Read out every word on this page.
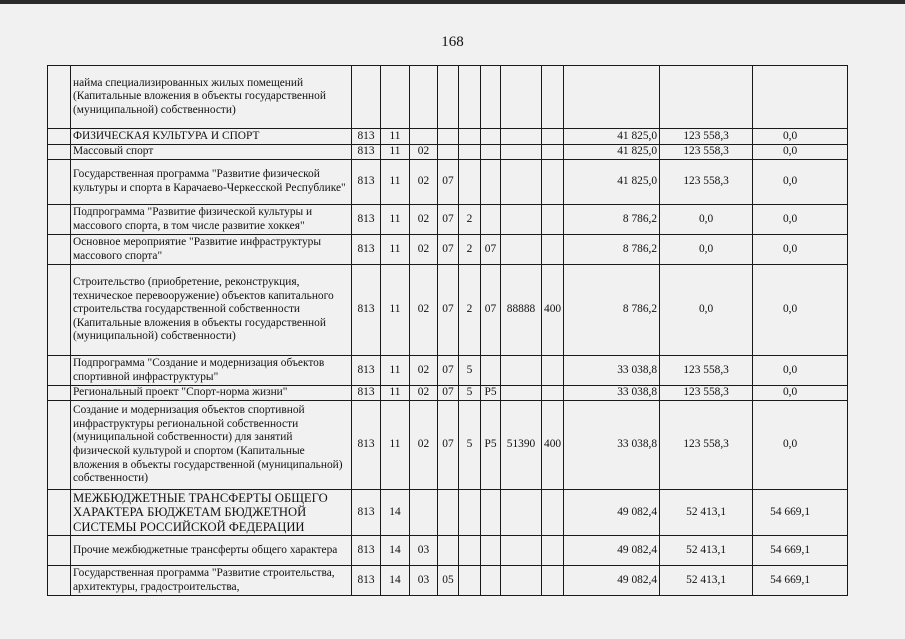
168
	найма специализированных жилых помещений (Капитальные вложения в объекты государственной (муниципальной) собственности)											
	ФИЗИЧЕСКАЯ КУЛЬТУРА И СПОРТ	813	11							41 825,0	123 558,3	0,0
	Массовый спорт	813	11	02						41 825,0	123 558,3	0,0
	Государственная программа "Развитие физической культуры и спорта в Карачаево-Черкесской Республике"	813	11	02	07					41 825,0	123 558,3	0,0
	Подпрограмма "Развитие физической культуры и массового спорта, в том числе развитие хоккея"	813	11	02	07	2				8 786,2	0,0	0,0
	Основное мероприятие "Развитие инфраструктуры массового спорта"	813	11	02	07	2	07			8 786,2	0,0	0,0
	Строительство (приобретение, реконструкция, техническое перевооружение) объектов капитального строительства государственной собственности (Капитальные вложения в объекты государственной (муниципальной) собственности)	813	11	02	07	2	07	88888	400	8 786,2	0,0	0,0
	Подпрограмма "Создание и модернизация объектов спортивной инфраструктуры"	813	11	02	07	5				33 038,8	123 558,3	0,0
	Региональный проект "Спорт-норма жизни"	813	11	02	07	5	P5			33 038,8	123 558,3	0,0
	Создание и модернизация объектов спортивной инфраструктуры региональной собственности (муниципальной собственности) для занятий физической культурой и спортом (Капитальные вложения в объекты государственной (муниципальной) собственности)	813	11	02	07	5	P5	51390	400	33 038,8	123 558,3	0,0
	МЕЖБЮДЖЕТНЫЕ ТРАНСФЕРТЫ ОБЩЕГО ХАРАКТЕРА БЮДЖЕТАМ БЮДЖЕТНОЙ СИСТЕМЫ РОССИЙСКОЙ ФЕДЕРАЦИИ	813	14							49 082,4	52 413,1	54 669,1
	Прочие межбюджетные трансферты общего характера	813	14	03						49 082,4	52 413,1	54 669,1
	Государственная программа "Развитие строительства, архитектуры, градостроительства,	813	14	03	05					49 082,4	52 413,1	54 669,1
